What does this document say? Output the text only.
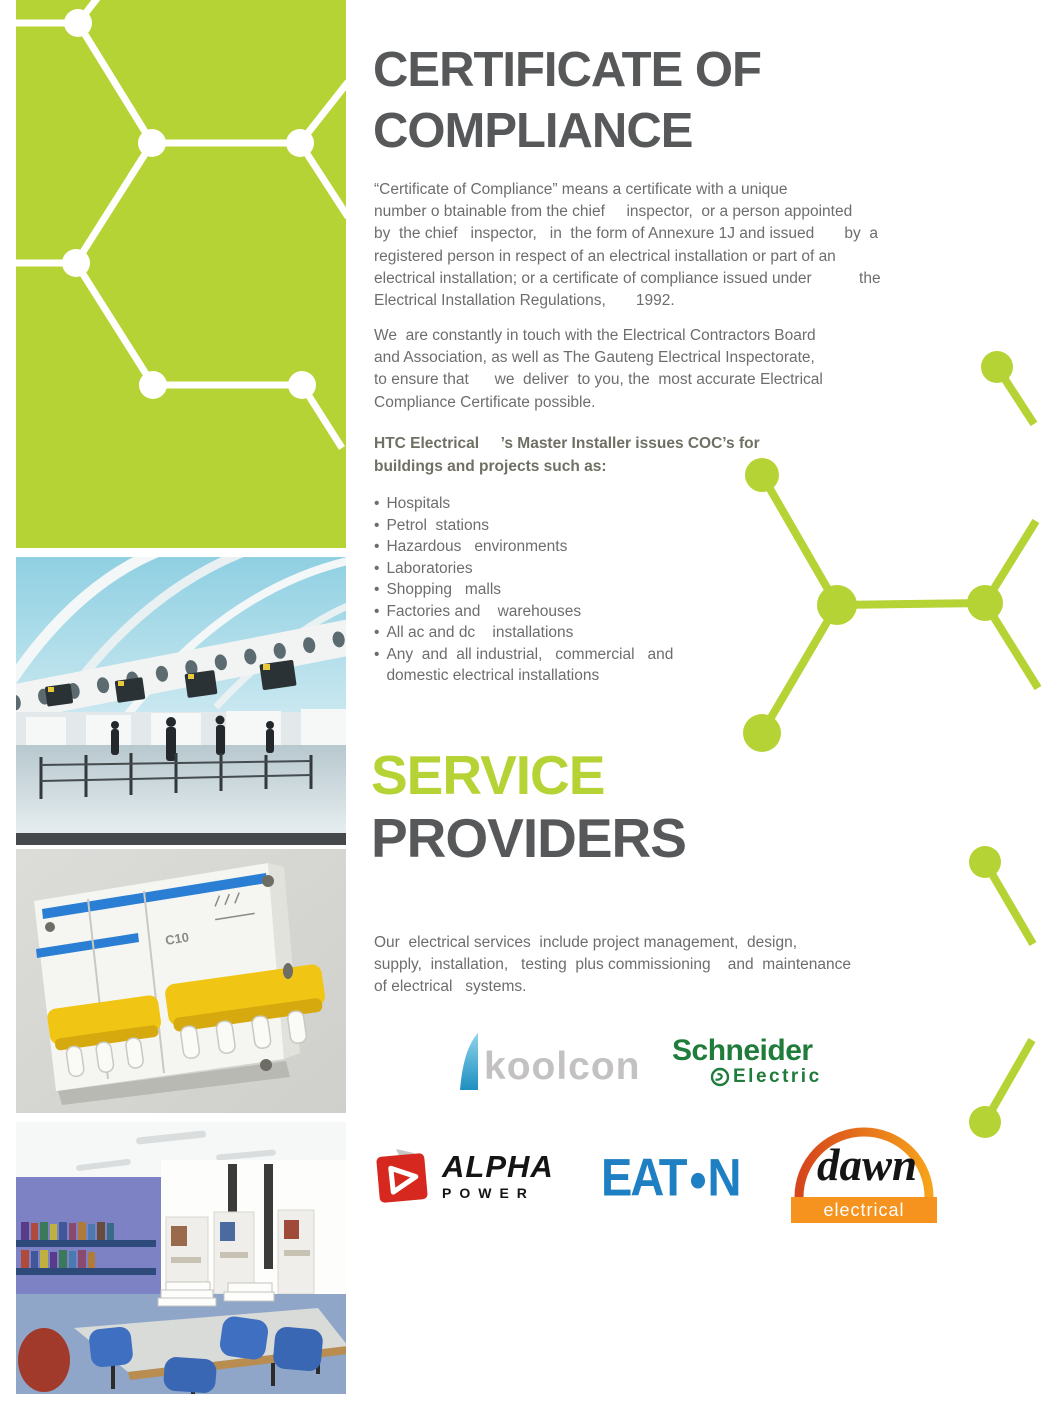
C10
CERTIFICATE OF
COMPLIANCE
“Certificate of Compliance” means a certificate with a unique
number o btainable from the chief     inspector,  or a person appointed
by  the chief   inspector,   in  the form of Annexure 1J and issued       by  a
registered person in respect of an electrical installation or part of an
electrical installation; or a certificate of compliance issued under           the
Electrical Installation Regulations,       1992.
We  are constantly in touch with the Electrical Contractors Board
and Association, as well as The Gauteng Electrical Inspectorate,
to ensure that      we  deliver  to you, the  most accurate Electrical
Compliance Certificate possible.
HTC Electrical     ’s Master Installer issues COC’s for
buildings and projects such as:
• Hospitals
• Petrol  stations
• Hazardous   environments
• Laboratories
• Shopping   malls
• Factories and    warehouses
• All ac and dc    installations
• Any  and  all industrial,   commercial   and domestic electrical installations
SERVICE
PROVIDERS
Our  electrical services  include project management,  design,
supply,  installation,   testing  plus commissioning    and  maintenance
of electrical   systems.
koolcon Schneider
Electric
ALPHA
POWER	EAT N	dawn
electrical
